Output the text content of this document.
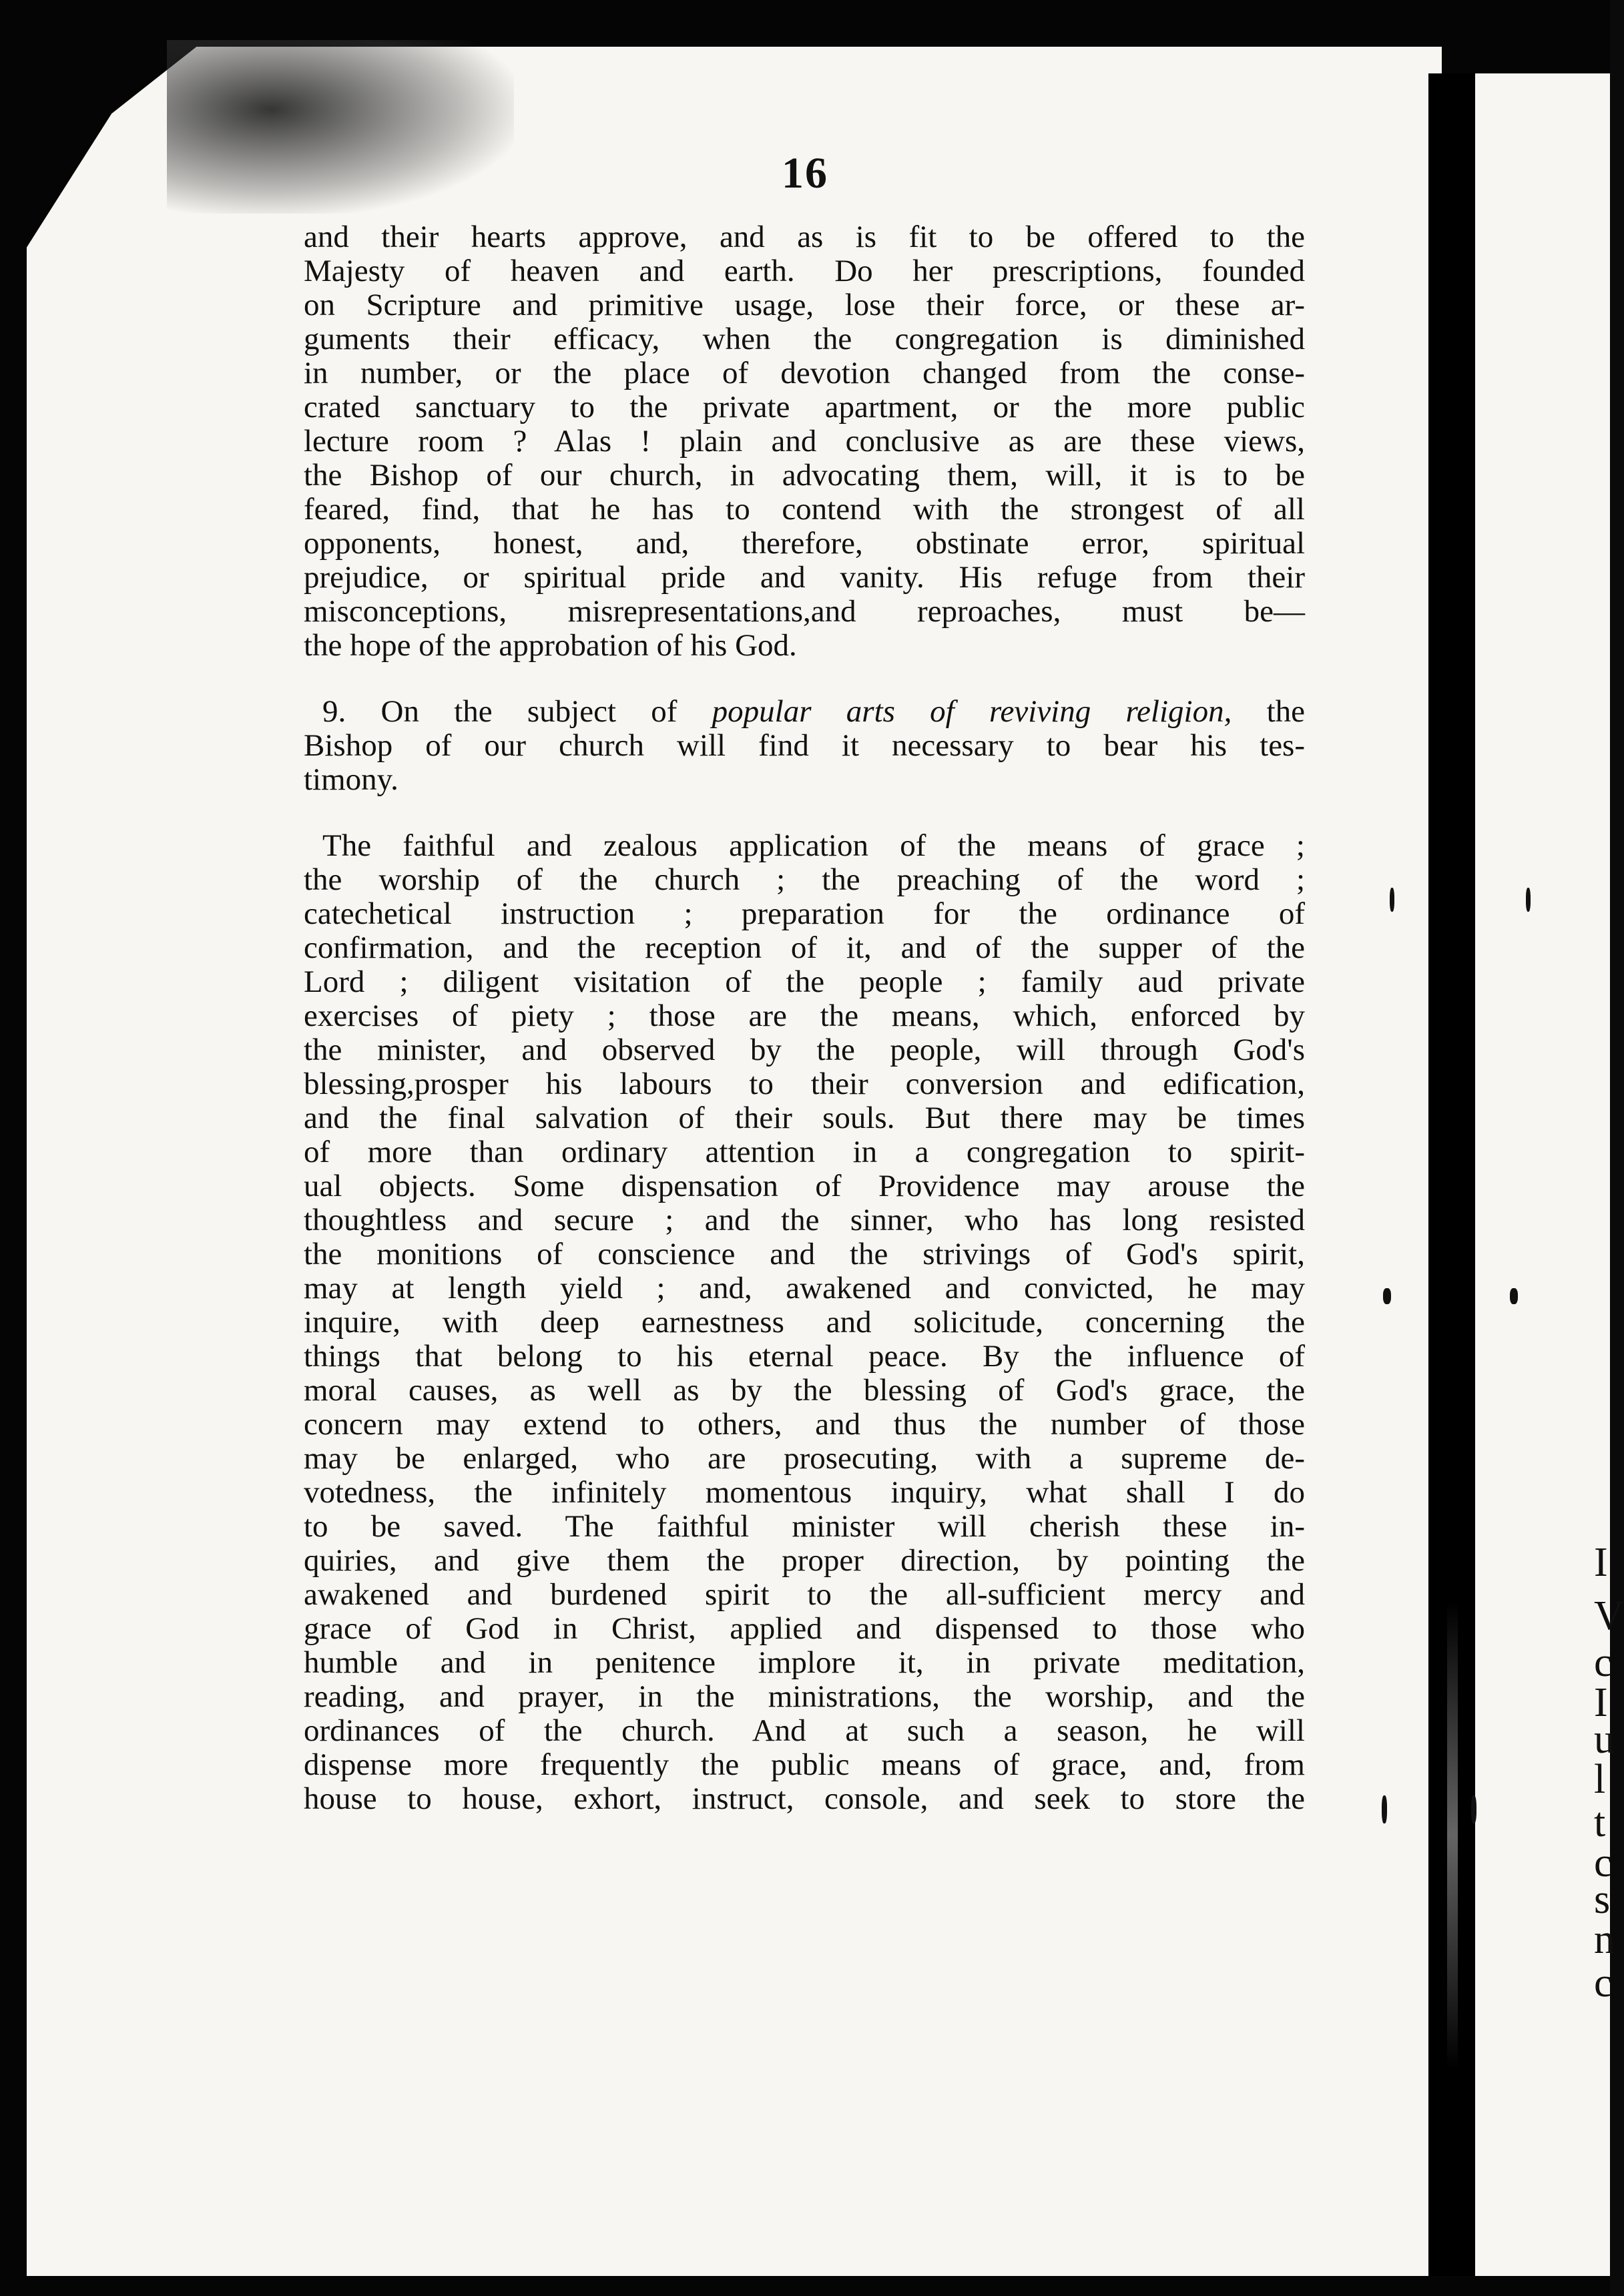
I
V
c
I
u
l
t
c
s
n
c
16
and their hearts approve, and as is fit to be offered to the
Majesty of heaven and earth. Do her prescriptions, founded
on Scripture and primitive usage, lose their force, or these ar-
guments their efficacy, when the congregation is diminished
in number, or the place of devotion changed from the conse-
crated sanctuary to the private apartment, or the more public
lecture room ? Alas ! plain and conclusive as are these views,
the Bishop of our church, in advocating them, will, it is to be
feared, find, that he has to contend with the strongest of all
opponents, honest, and, therefore, obstinate error, spiritual
prejudice, or spiritual pride and vanity. His refuge from their
misconceptions, misrepresentations,and reproaches, must be—
the hope of the approbation of his God.
9. On the subject of popular arts of reviving religion, the
Bishop of our church will find it necessary to bear his tes-
timony.
The faithful and zealous application of the means of grace ;
the worship of the church ; the preaching of the word ;
catechetical instruction ; preparation for the ordinance of
confirmation, and the reception of it, and of the supper of the
Lord ; diligent visitation of the people ; family aud private
exercises of piety ; those are the means, which, enforced by
the minister, and observed by the people, will through God's
blessing,prosper his labours to their conversion and edification,
and the final salvation of their souls. But there may be times
of more than ordinary attention in a congregation to spirit-
ual objects. Some dispensation of Providence may arouse the
thoughtless and secure ; and the sinner, who has long resisted
the monitions of conscience and the strivings of God's spirit,
may at length yield ; and, awakened and convicted, he may
inquire, with deep earnestness and solicitude, concerning the
things that belong to his eternal peace. By the influence of
moral causes, as well as by the blessing of God's grace, the
concern may extend to others, and thus the number of those
may be enlarged, who are prosecuting, with a supreme de-
votedness, the infinitely momentous inquiry, what shall I do
to be saved. The faithful minister will cherish these in-
quiries, and give them the proper direction, by pointing the
awakened and burdened spirit to the all-sufficient mercy and
grace of God in Christ, applied and dispensed to those who
humble and in penitence implore it, in private meditation,
reading, and prayer, in the ministrations, the worship, and the
ordinances of the church. And at such a season, he will
dispense more frequently the public means of grace, and, from
house to house, exhort, instruct, console, and seek to store the
